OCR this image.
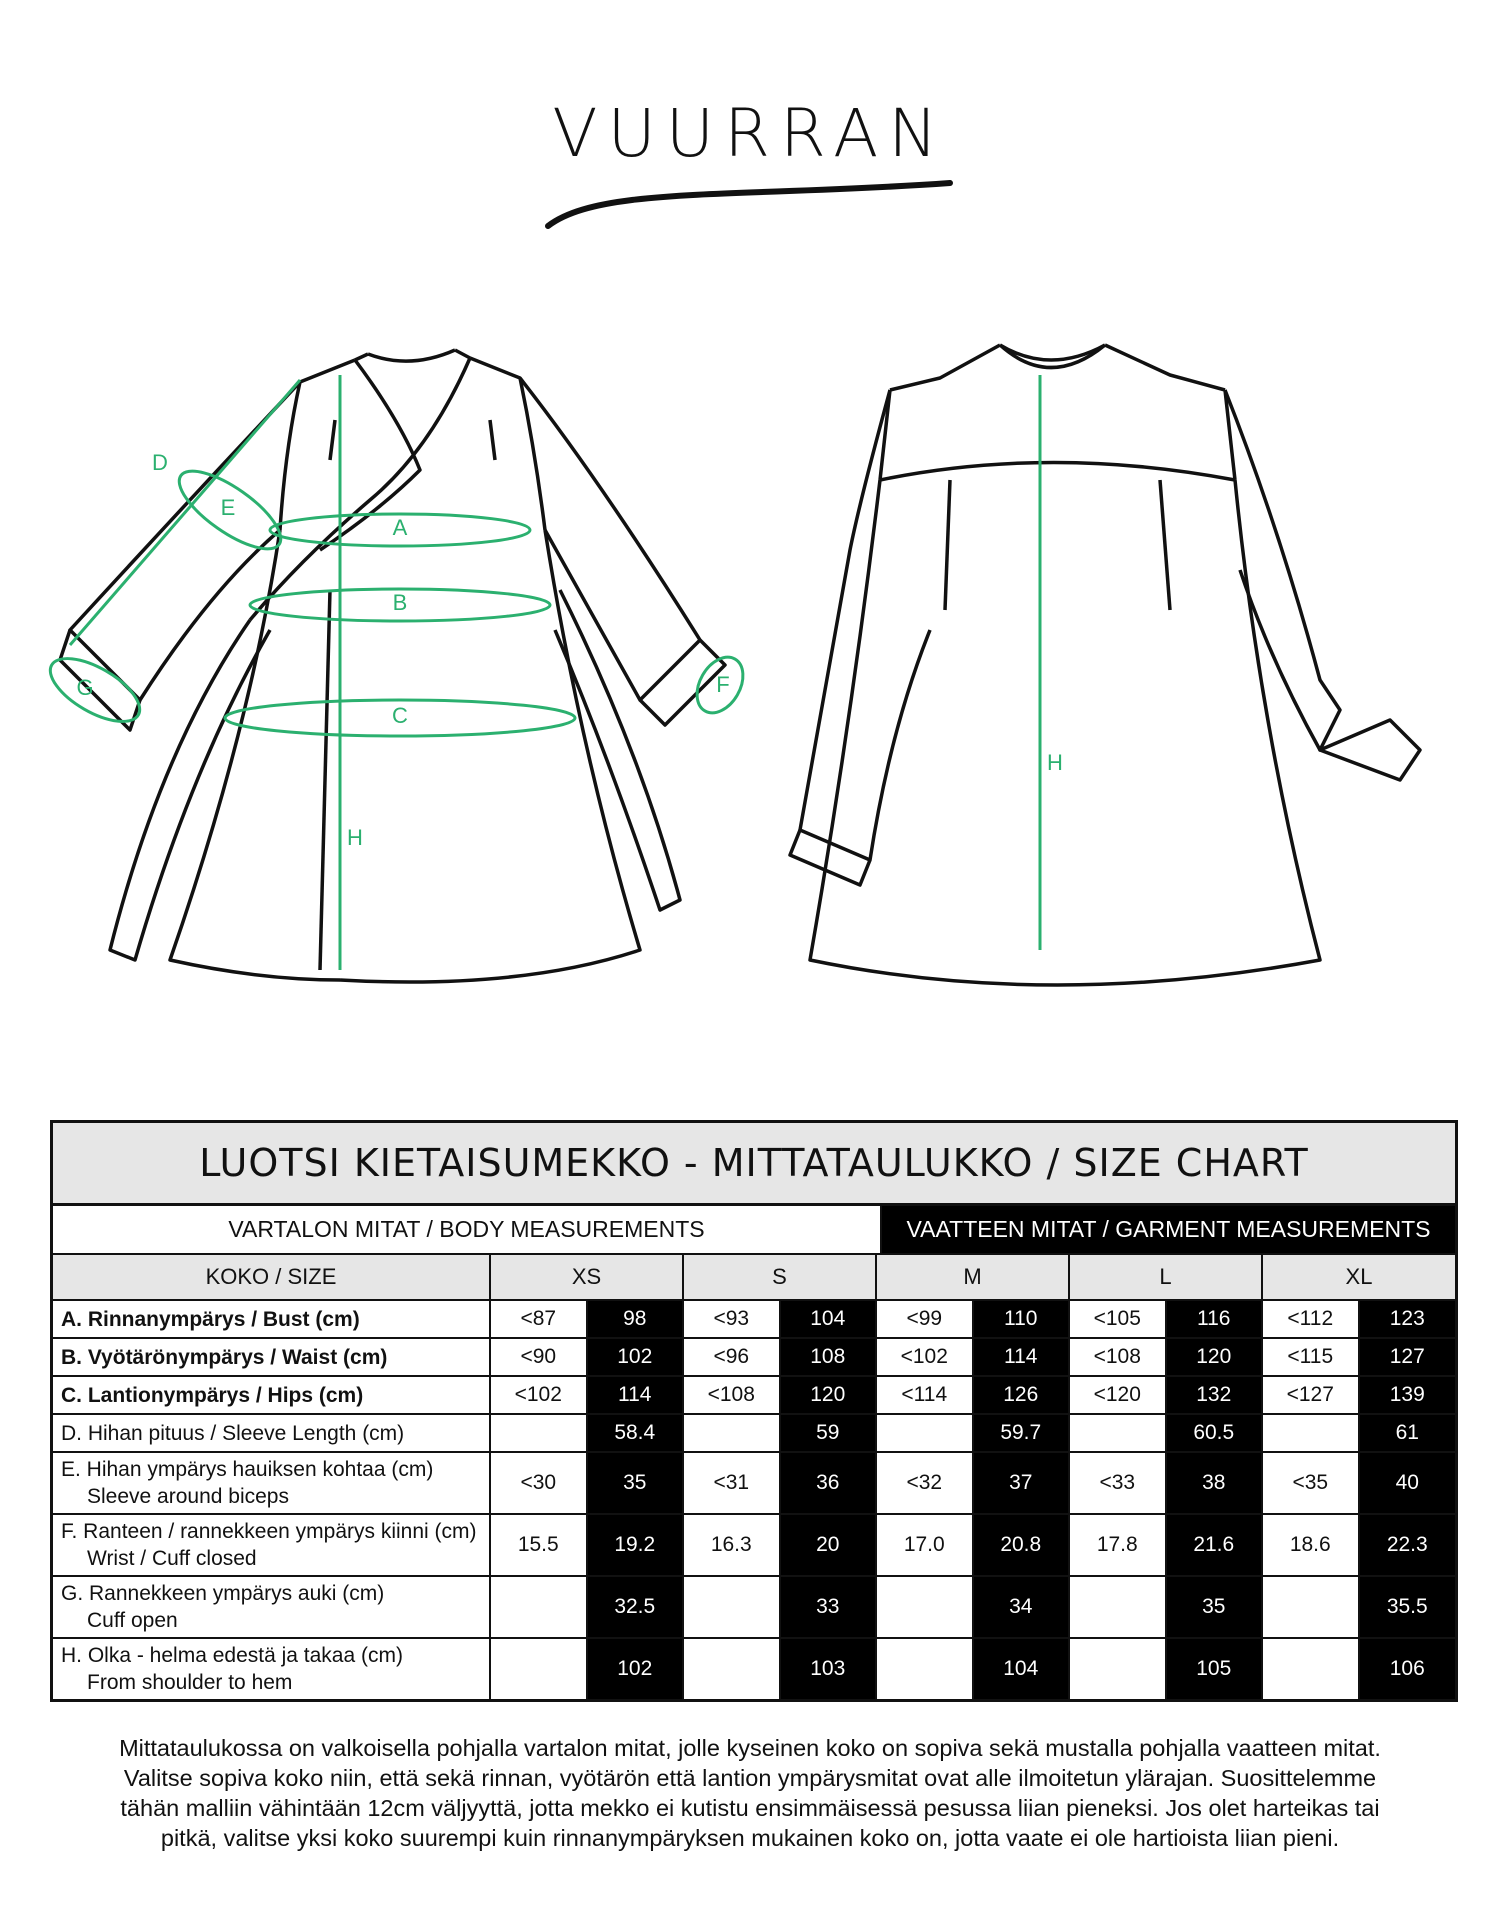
VUURRAN
A
B
C
D
E
F
G
H
H
LUOTSI KIETAISUMEKKO - MITTATAULUKKO / SIZE CHART
VARTALON MITAT / BODY MEASUREMENTS	VAATTEEN MITAT / GARMENT MEASUREMENTS
KOKO / SIZE	XS		S		M		L		XL	

A. Rinnanympärys / Bust (cm)	<87	98	<93	104	<99	110	<105	116	<112	123

B. Vyötärönympärys / Waist (cm)	<90	102	<96	108	<102	114	<108	120	<115	127

C. Lantionympärys / Hips (cm)	<102	114	<108	120	<114	126	<120	132	<127	139

D. Hihan pituus / Sleeve Length (cm)		58.4		59		59.7		60.5		61

E. Hihan ympärys hauiksen kohtaa (cm)
Sleeve around biceps	<30	35	<31	36	<32	37	<33	38	<35	40

F. Ranteen / rannekkeen ympärys kiinni (cm)
Wrist / Cuff closed	15.5	19.2	16.3	20	17.0	20.8	17.8	21.6	18.6	22.3

G. Rannekkeen ympärys auki (cm)
Cuff open		32.5		33		34		35		35.5

H. Olka - helma edestä ja takaa (cm)
From shoulder to hem		102		103		104		105		106
Mittataulukossa on valkoisella pohjalla vartalon mitat, jolle kyseinen koko on sopiva sekä mustalla pohjalla vaatteen mitat. Valitse sopiva koko niin, että sekä rinnan, vyötärön että lantion ympärysmitat ovat alle ilmoitetun ylärajan. Suosittelemme tähän malliin vähintään 12cm väljyyttä, jotta mekko ei kutistu ensimmäisessä pesussa liian pieneksi. Jos olet harteikas tai pitkä, valitse yksi koko suurempi kuin rinnanympäryksen mukainen koko on, jotta vaate ei ole hartioista liian pieni.
